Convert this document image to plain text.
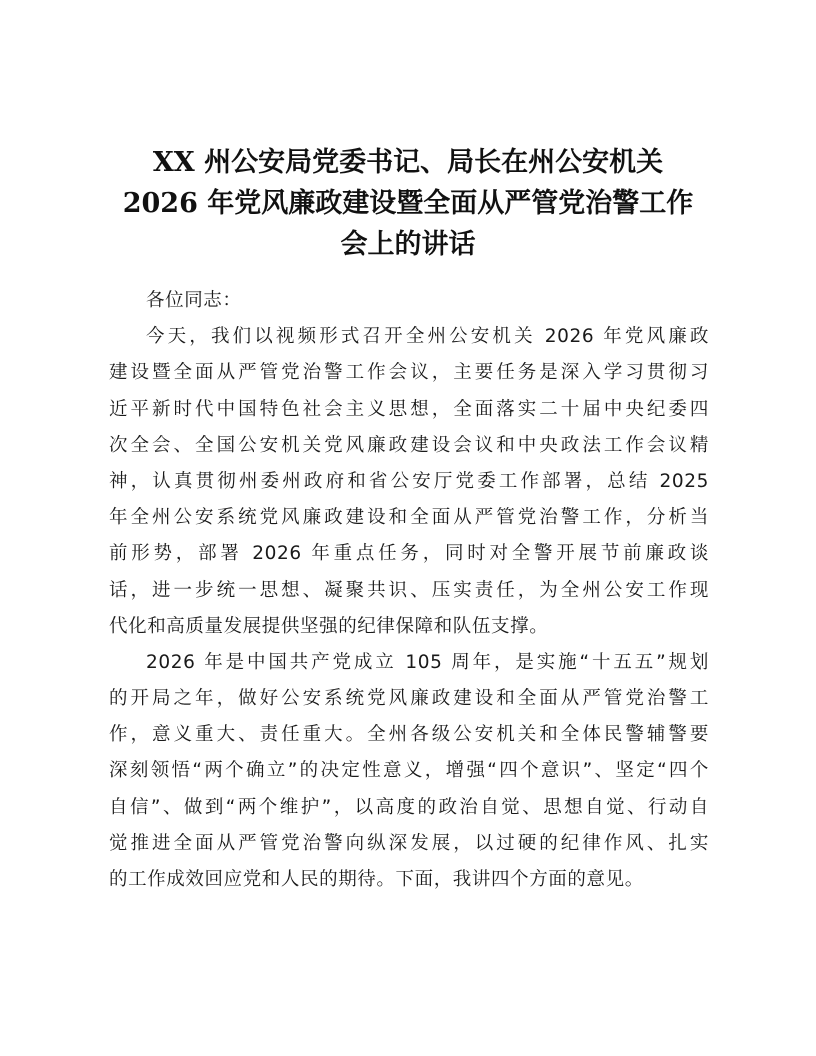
XX 州公安局党委书记、局长在州公安机关
2026 年党风廉政建设暨全面从严管党治警工作
会上的讲话
各位同志：
今天，我们以视频形式召开全州公安机关 2026 年党风廉政
建设暨全面从严管党治警工作会议，主要任务是深入学习贯彻习
近平新时代中国特色社会主义思想，全面落实二十届中央纪委四
次全会、全国公安机关党风廉政建设会议和中央政法工作会议精
神，认真贯彻州委州政府和省公安厅党委工作部署，总结 2025
年全州公安系统党风廉政建设和全面从严管党治警工作，分析当
前形势，部署 2026 年重点任务，同时对全警开展节前廉政谈
话，进一步统一思想、凝聚共识、压实责任，为全州公安工作现
代化和高质量发展提供坚强的纪律保障和队伍支撑。
2026 年是中国共产党成立 105 周年，是实施“十五五”规划
的开局之年，做好公安系统党风廉政建设和全面从严管党治警工
作，意义重大、责任重大。全州各级公安机关和全体民警辅警要
深刻领悟“两个确立”的决定性意义，增强“四个意识”、坚定“四个
自信”、做到“两个维护”，以高度的政治自觉、思想自觉、行动自
觉推进全面从严管党治警向纵深发展，以过硬的纪律作风、扎实
的工作成效回应党和人民的期待。下面，我讲四个方面的意见。
